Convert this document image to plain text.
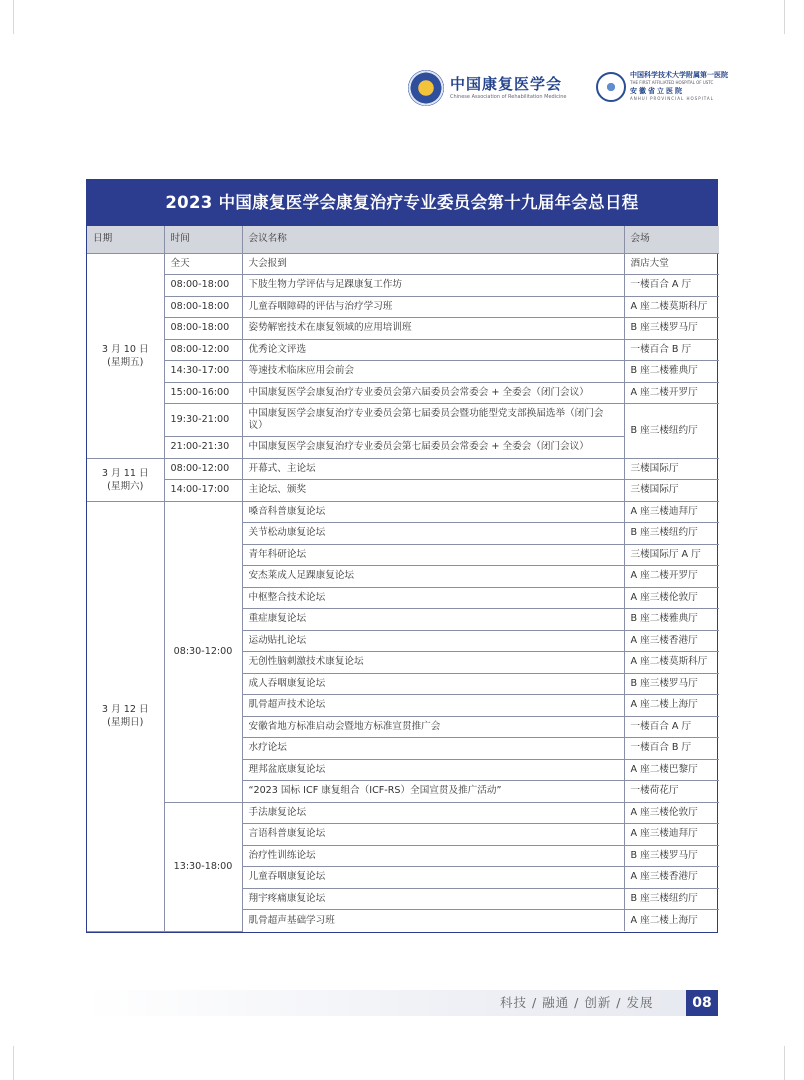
中国康复医学会
Chinese Association of Rehabilitation Medicine
中国科学技术大学附属第一医院
THE FIRST AFFILIATED HOSPITAL OF USTC
安徽省立医院
ANHUI PROVINCIAL HOSPITAL
2023 中国康复医学会康复治疗专业委员会第十九届年会总日程
日期	时间	会议名称	会场

3 月 10 日
(星期五)	全天	大会报到	酒店大堂
	08:00-18:00	下肢生物力学评估与足踝康复工作坊	一楼百合 A 厅
	08:00-18:00	儿童吞咽障碍的评估与治疗学习班	A 座二楼莫斯科厅
	08:00-18:00	姿势解密技术在康复领域的应用培训班	B 座三楼罗马厅
	08:00-12:00	优秀论文评选	一楼百合 B 厅
	14:30-17:00	等速技术临床应用会前会	B 座二楼雅典厅
	15:00-16:00	中国康复医学会康复治疗专业委员会第六届委员会常委会 + 全委会（闭门会议）	A 座二楼开罗厅
	19:30-21:00	中国康复医学会康复治疗专业委员会第七届委员会暨功能型党支部换届选举（闭门会议）	B 座三楼纽约厅
	21:00-21:30	中国康复医学会康复治疗专业委员会第七届委员会常委会 + 全委会（闭门会议）	

3 月 11 日
(星期六)	08:00-12:00	开幕式、主论坛	三楼国际厅
	14:00-17:00	主论坛、颁奖	三楼国际厅

3 月 12 日
(星期日)	08:30-12:00	嗓音科普康复论坛	A 座三楼迪拜厅
		关节松动康复论坛	B 座三楼纽约厅
		青年科研论坛	三楼国际厅 A 厅
		安杰莱成人足踝康复论坛	A 座二楼开罗厅
		中枢整合技术论坛	A 座三楼伦敦厅
		重症康复论坛	B 座二楼雅典厅
		运动贴扎论坛	A 座三楼香港厅
		无创性脑刺激技术康复论坛	A 座二楼莫斯科厅
		成人吞咽康复论坛	B 座三楼罗马厅
		肌骨超声技术论坛	A 座二楼上海厅
		安徽省地方标准启动会暨地方标准宣贯推广会	一楼百合 A 厅
		水疗论坛	一楼百合 B 厅
		理邦盆底康复论坛	A 座二楼巴黎厅
		“2023 国标 ICF 康复组合（ICF-RS）全国宣贯及推广活动”	一楼荷花厅
	13:30-18:00	手法康复论坛	A 座三楼伦敦厅
		言语科普康复论坛	A 座三楼迪拜厅
		治疗性训练论坛	B 座三楼罗马厅
		儿童吞咽康复论坛	A 座三楼香港厅
		翔宇疼痛康复论坛	B 座三楼纽约厅
		肌骨超声基础学习班	A 座二楼上海厅
科技 / 融通 / 创新 / 发展	08
